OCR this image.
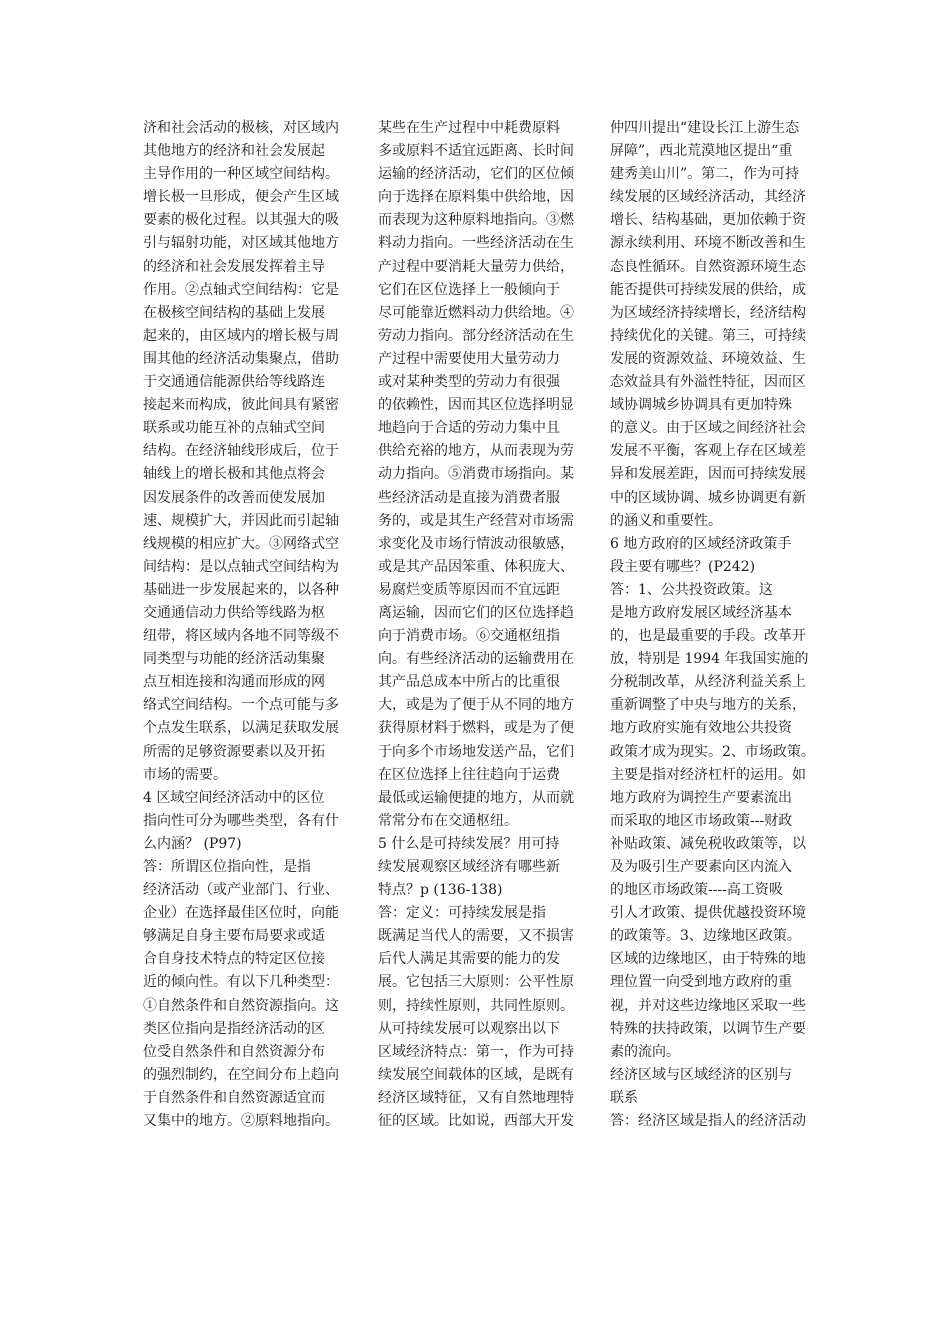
济和社会活动的极核，对区域内
其他地方的经济和社会发展起
主导作用的一种区域空间结构。
增长极一旦形成，便会产生区域
要素的极化过程。以其强大的吸
引与辐射功能，对区域其他地方
的经济和社会发展发挥着主导
作用。②点轴式空间结构：它是
在极核空间结构的基础上发展
起来的，由区域内的增长极与周
围其他的经济活动集聚点，借助
于交通通信能源供给等线路连
接起来而构成，彼此间具有紧密
联系或功能互补的点轴式空间
结构。在经济轴线形成后，位于
轴线上的增长极和其他点将会
因发展条件的改善而使发展加
速、规模扩大，并因此而引起轴
线规模的相应扩大。③网络式空
间结构：是以点轴式空间结构为
基础进一步发展起来的，以各种
交通通信动力供给等线路为枢
纽带，将区域内各地不同等级不
同类型与功能的经济活动集聚
点互相连接和沟通而形成的网
络式空间结构。一个点可能与多
个点发生联系，以满足获取发展
所需的足够资源要素以及开拓
市场的需要。
4 区域空间经济活动中的区位
指向性可分为哪些类型，各有什
么内涵？ (P97)
答：所谓区位指向性，是指
经济活动（或产业部门、行业、
企业）在选择最佳区位时，向能
够满足自身主要布局要求或适
合自身技术特点的特定区位接
近的倾向性。有以下几种类型：
①自然条件和自然资源指向。这
类区位指向是指经济活动的区
位受自然条件和自然资源分布
的强烈制约，在空间分布上趋向
于自然条件和自然资源适宜而
又集中的地方。②原料地指向。
某些在生产过程中中耗费原料
多或原料不适宜远距离、长时间
运输的经济活动，它们的区位倾
向于选择在原料集中供给地，因
而表现为这种原料地指向。③燃
料动力指向。一些经济活动在生
产过程中要消耗大量劳力供给，
它们在区位选择上一般倾向于
尽可能靠近燃料动力供给地。④
劳动力指向。部分经济活动在生
产过程中需要使用大量劳动力
或对某种类型的劳动力有很强
的依赖性，因而其区位选择明显
地趋向于合适的劳动力集中且
供给充裕的地方，从而表现为劳
动力指向。⑤消费市场指向。某
些经济活动是直接为消费者服
务的，或是其生产经营对市场需
求变化及市场行情波动很敏感，
或是其产品因笨重、体积庞大、
易腐烂变质等原因而不宜远距
离运输，因而它们的区位选择趋
向于消费市场。⑥交通枢纽指
向。有些经济活动的运输费用在
其产品总成本中所占的比重很
大，或是为了便于从不同的地方
获得原材料于燃料，或是为了便
于向多个市场地发送产品，它们
在区位选择上往往趋向于运费
最低或运输便捷的地方，从而就
常常分布在交通枢纽。
5 什么是可持续发展？用可持
续发展观察区域经济有哪些新
特点？p (136-138)
答：定义：可持续发展是指
既满足当代人的需要，又不损害
后代人满足其需要的能力的发
展。它包括三大原则：公平性原
则，持续性原则，共同性原则。
从可持续发展可以观察出以下
区域经济特点：第一，作为可持
续发展空间载体的区域，是既有
经济区域特征，又有自然地理特
征的区域。比如说，西部大开发
仲四川提出“建设长江上游生态
屏障”，西北荒漠地区提出“重
建秀美山川”。第二，作为可持
续发展的区域经济活动，其经济
增长、结构基础，更加依赖于资
源永续利用、环境不断改善和生
态良性循环。自然资源环境生态
能否提供可持续发展的供给，成
为区域经济持续增长，经济结构
持续优化的关键。第三，可持续
发展的资源效益、环境效益、生
态效益具有外溢性特征，因而区
域协调城乡协调具有更加特殊
的意义。由于区域之间经济社会
发展不平衡，客观上存在区域差
异和发展差距，因而可持续发展
中的区域协调、城乡协调更有新
的涵义和重要性。
6 地方政府的区域经济政策手
段主要有哪些？(P242)
答：1、公共投资政策。这
是地方政府发展区域经济基本
的，也是最重要的手段。改革开
放，特别是 1994 年我国实施的
分税制改革，从经济利益关系上
重新调整了中央与地方的关系，
地方政府实施有效地公共投资
政策才成为现实。2、市场政策。
主要是指对经济杠杆的运用。如
地方政府为调控生产要素流出
而采取的地区市场政策---财政
补贴政策、减免税收政策等，以
及为吸引生产要素向区内流入
的地区市场政策----高工资吸
引人才政策、提供优越投资环境
的政策等。3、边缘地区政策。
区域的边缘地区，由于特殊的地
理位置一向受到地方政府的重
视，并对这些边缘地区采取一些
特殊的扶持政策，以调节生产要
素的流向。
经济区域与区域经济的区别与
联系
答：经济区域是指人的经济活动
